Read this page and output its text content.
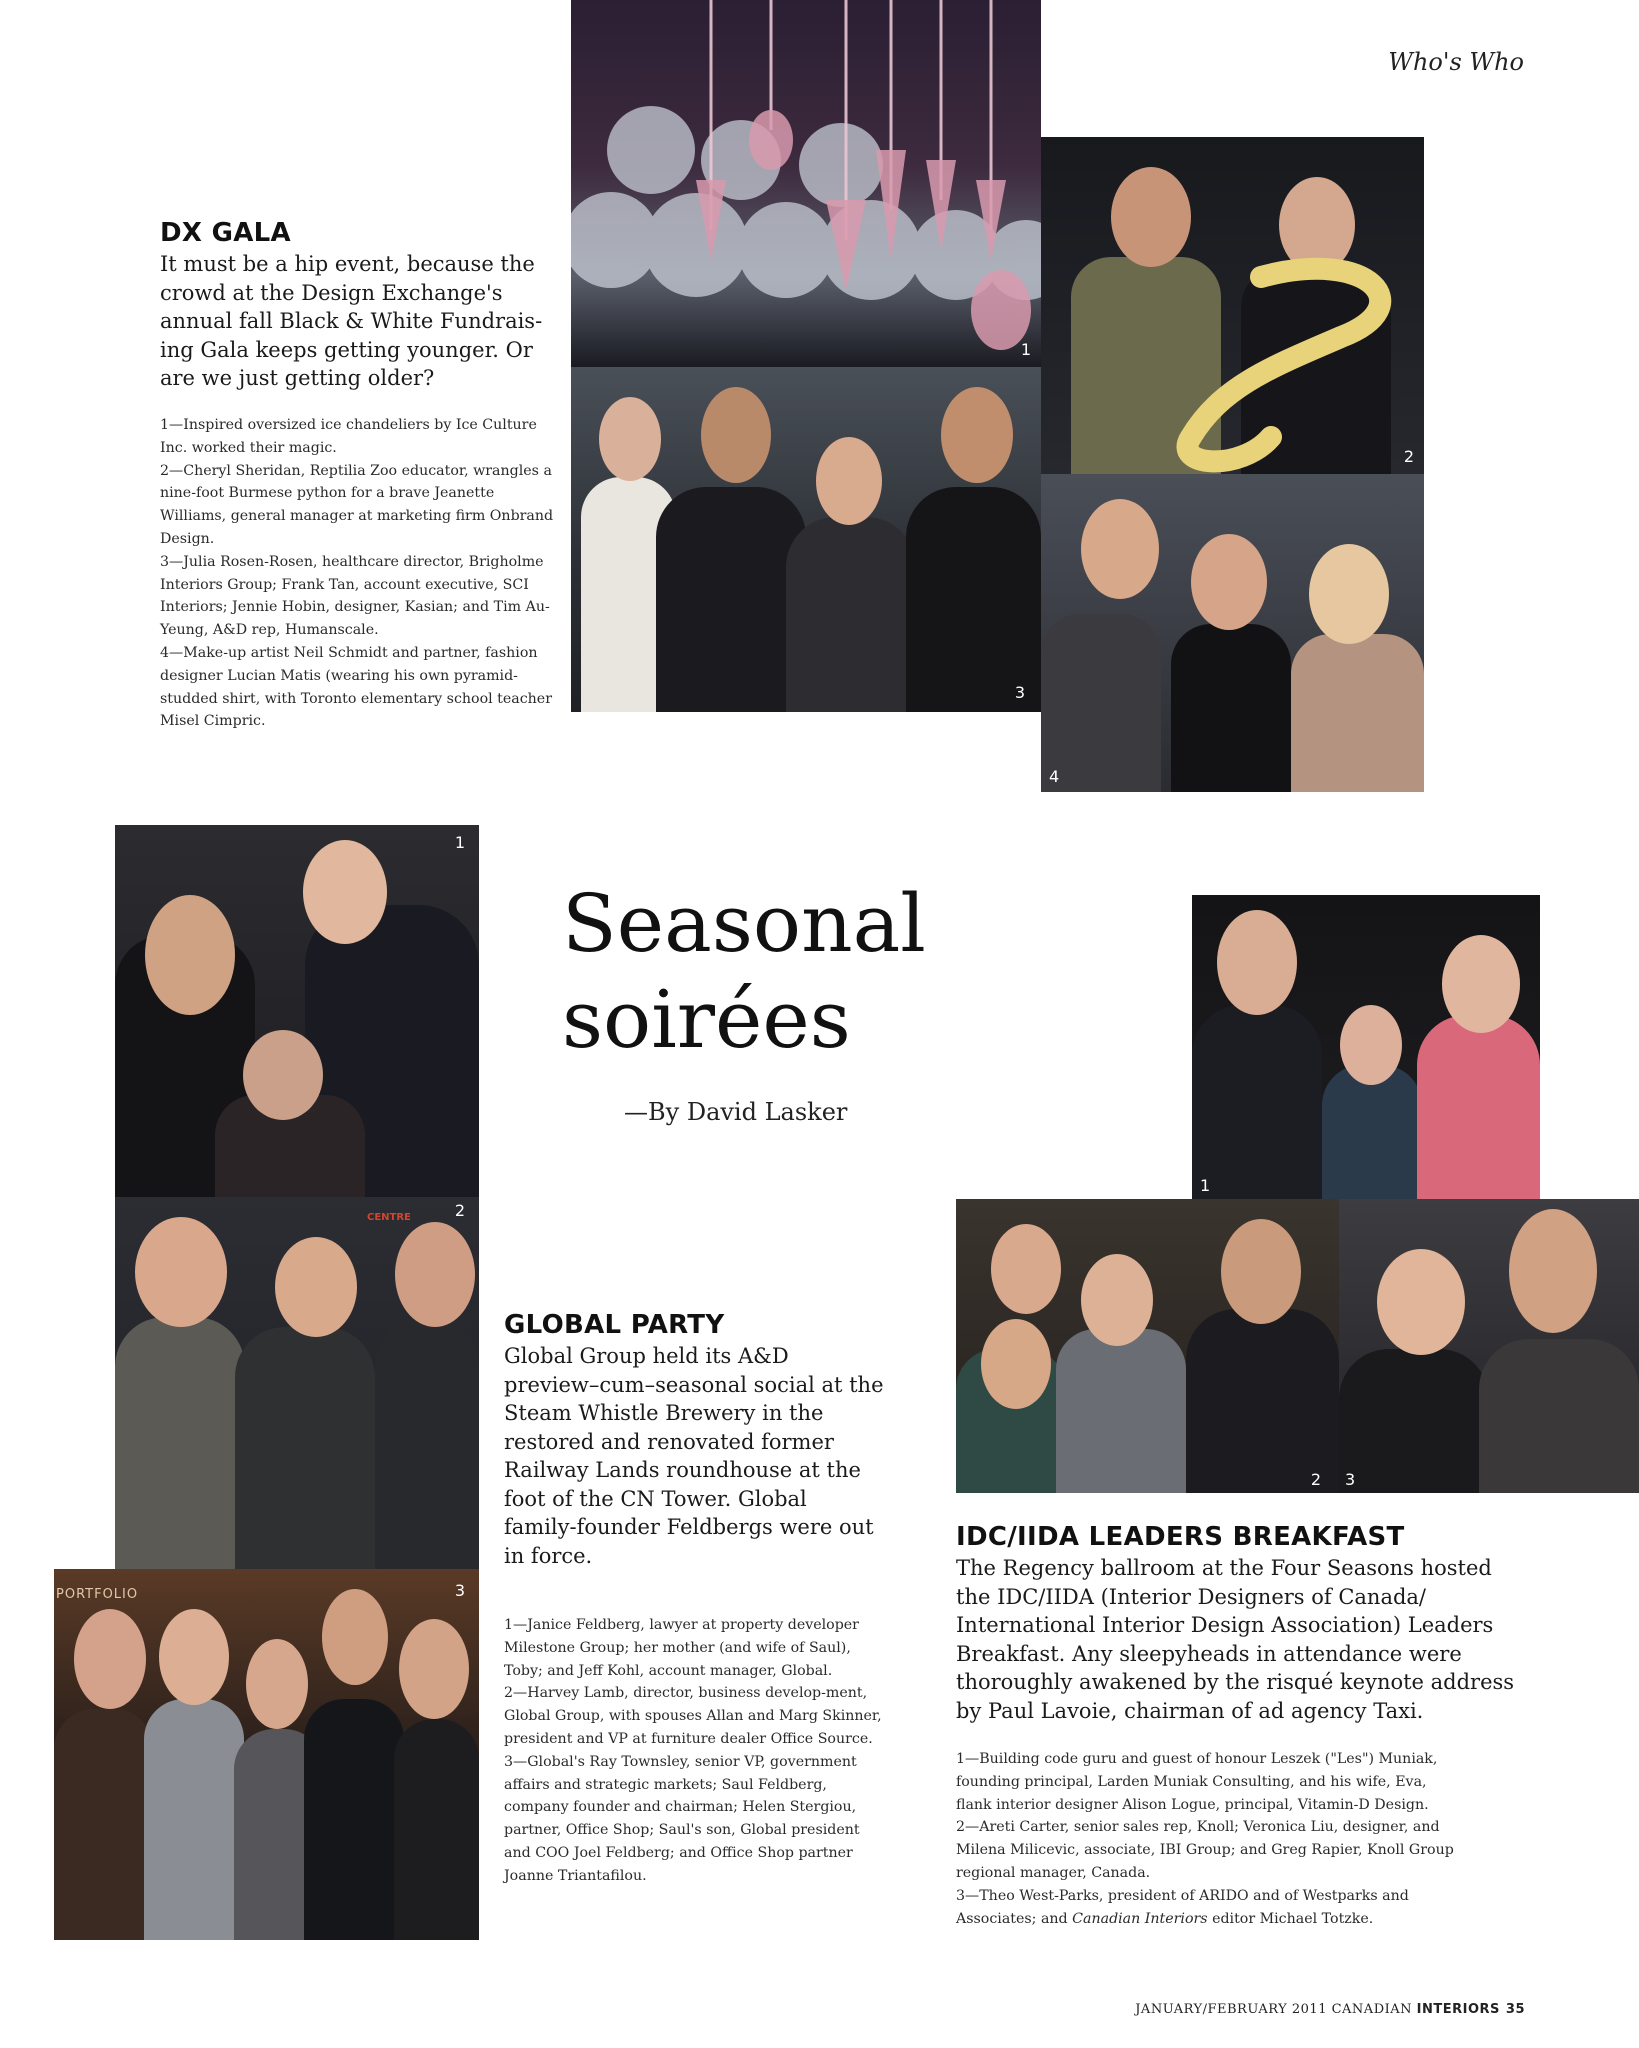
Who's Who
DX GALA

It must be a hip event, because the crowd at the Design Exchange's annual fall Black & White Fundrais-ing Gala keeps getting younger. Or are we just getting older?

1—Inspired oversized ice chandeliers by Ice Culture Inc. worked their magic.
2—Cheryl Sheridan, Reptilia Zoo educator, wrangles a nine-foot Burmese python for a brave Jeanette Williams, general manager at marketing firm Onbrand Design.
3—Julia Rosen-Rosen, healthcare director, Brigholme Interiors Group; Frank Tan, account executive, SCI Interiors; Jennie Hobin, designer, Kasian; and Tim Au-Yeung, A&D rep, Humanscale.
4—Make-up artist Neil Schmidt and partner, fashion designer Lucian Matis (wearing his own pyramid-studded shirt, with Toronto elementary school teacher Misel Cimpric.
1
2
3
4
Seasonal
soirées
—By David Lasker
1
CENTRE	2
PORTFOLIO	3
GLOBAL PARTY

Global Group held its A&D preview–cum–seasonal social at the Steam Whistle Brewery in the restored and renovated former Railway Lands roundhouse at the foot of the CN Tower. Global family-founder Feldbergs were out in force.

1—Janice Feldberg, lawyer at property developer Milestone Group; her mother (and wife of Saul), Toby; and Jeff Kohl, account manager, Global.
2—Harvey Lamb, director, business develop-ment, Global Group, with spouses Allan and Marg Skinner, president and VP at furniture dealer Office Source.
3—Global's Ray Townsley, senior VP, government affairs and strategic markets; Saul Feldberg, company founder and chairman; Helen Stergiou, partner, Office Shop; Saul's son, Global president and COO Joel Feldberg; and Office Shop partner Joanne Triantafilou.
1
2 3
IDC/IIDA LEADERS BREAKFAST

The Regency ballroom at the Four Seasons hosted the IDC/IIDA (Interior Designers of Canada/ International Interior Design Association) Leaders Breakfast. Any sleepyheads in attendance were thoroughly awakened by the risqué keynote address by Paul Lavoie, chairman of ad agency Taxi.

1—Building code guru and guest of honour Leszek ("Les") Muniak, founding principal, Larden Muniak Consulting, and his wife, Eva, flank interior designer Alison Logue, principal, Vitamin-D Design.
2—Areti Carter, senior sales rep, Knoll; Veronica Liu, designer, and Milena Milicevic, associate, IBI Group; and Greg Rapier, Knoll Group regional manager, Canada.
3—Theo West-Parks, president of ARIDO and of Westparks and Associates; and Canadian Interiors editor Michael Totzke.
JANUARY/FEBRUARY 2011 CANADIAN INTERIORS 35
